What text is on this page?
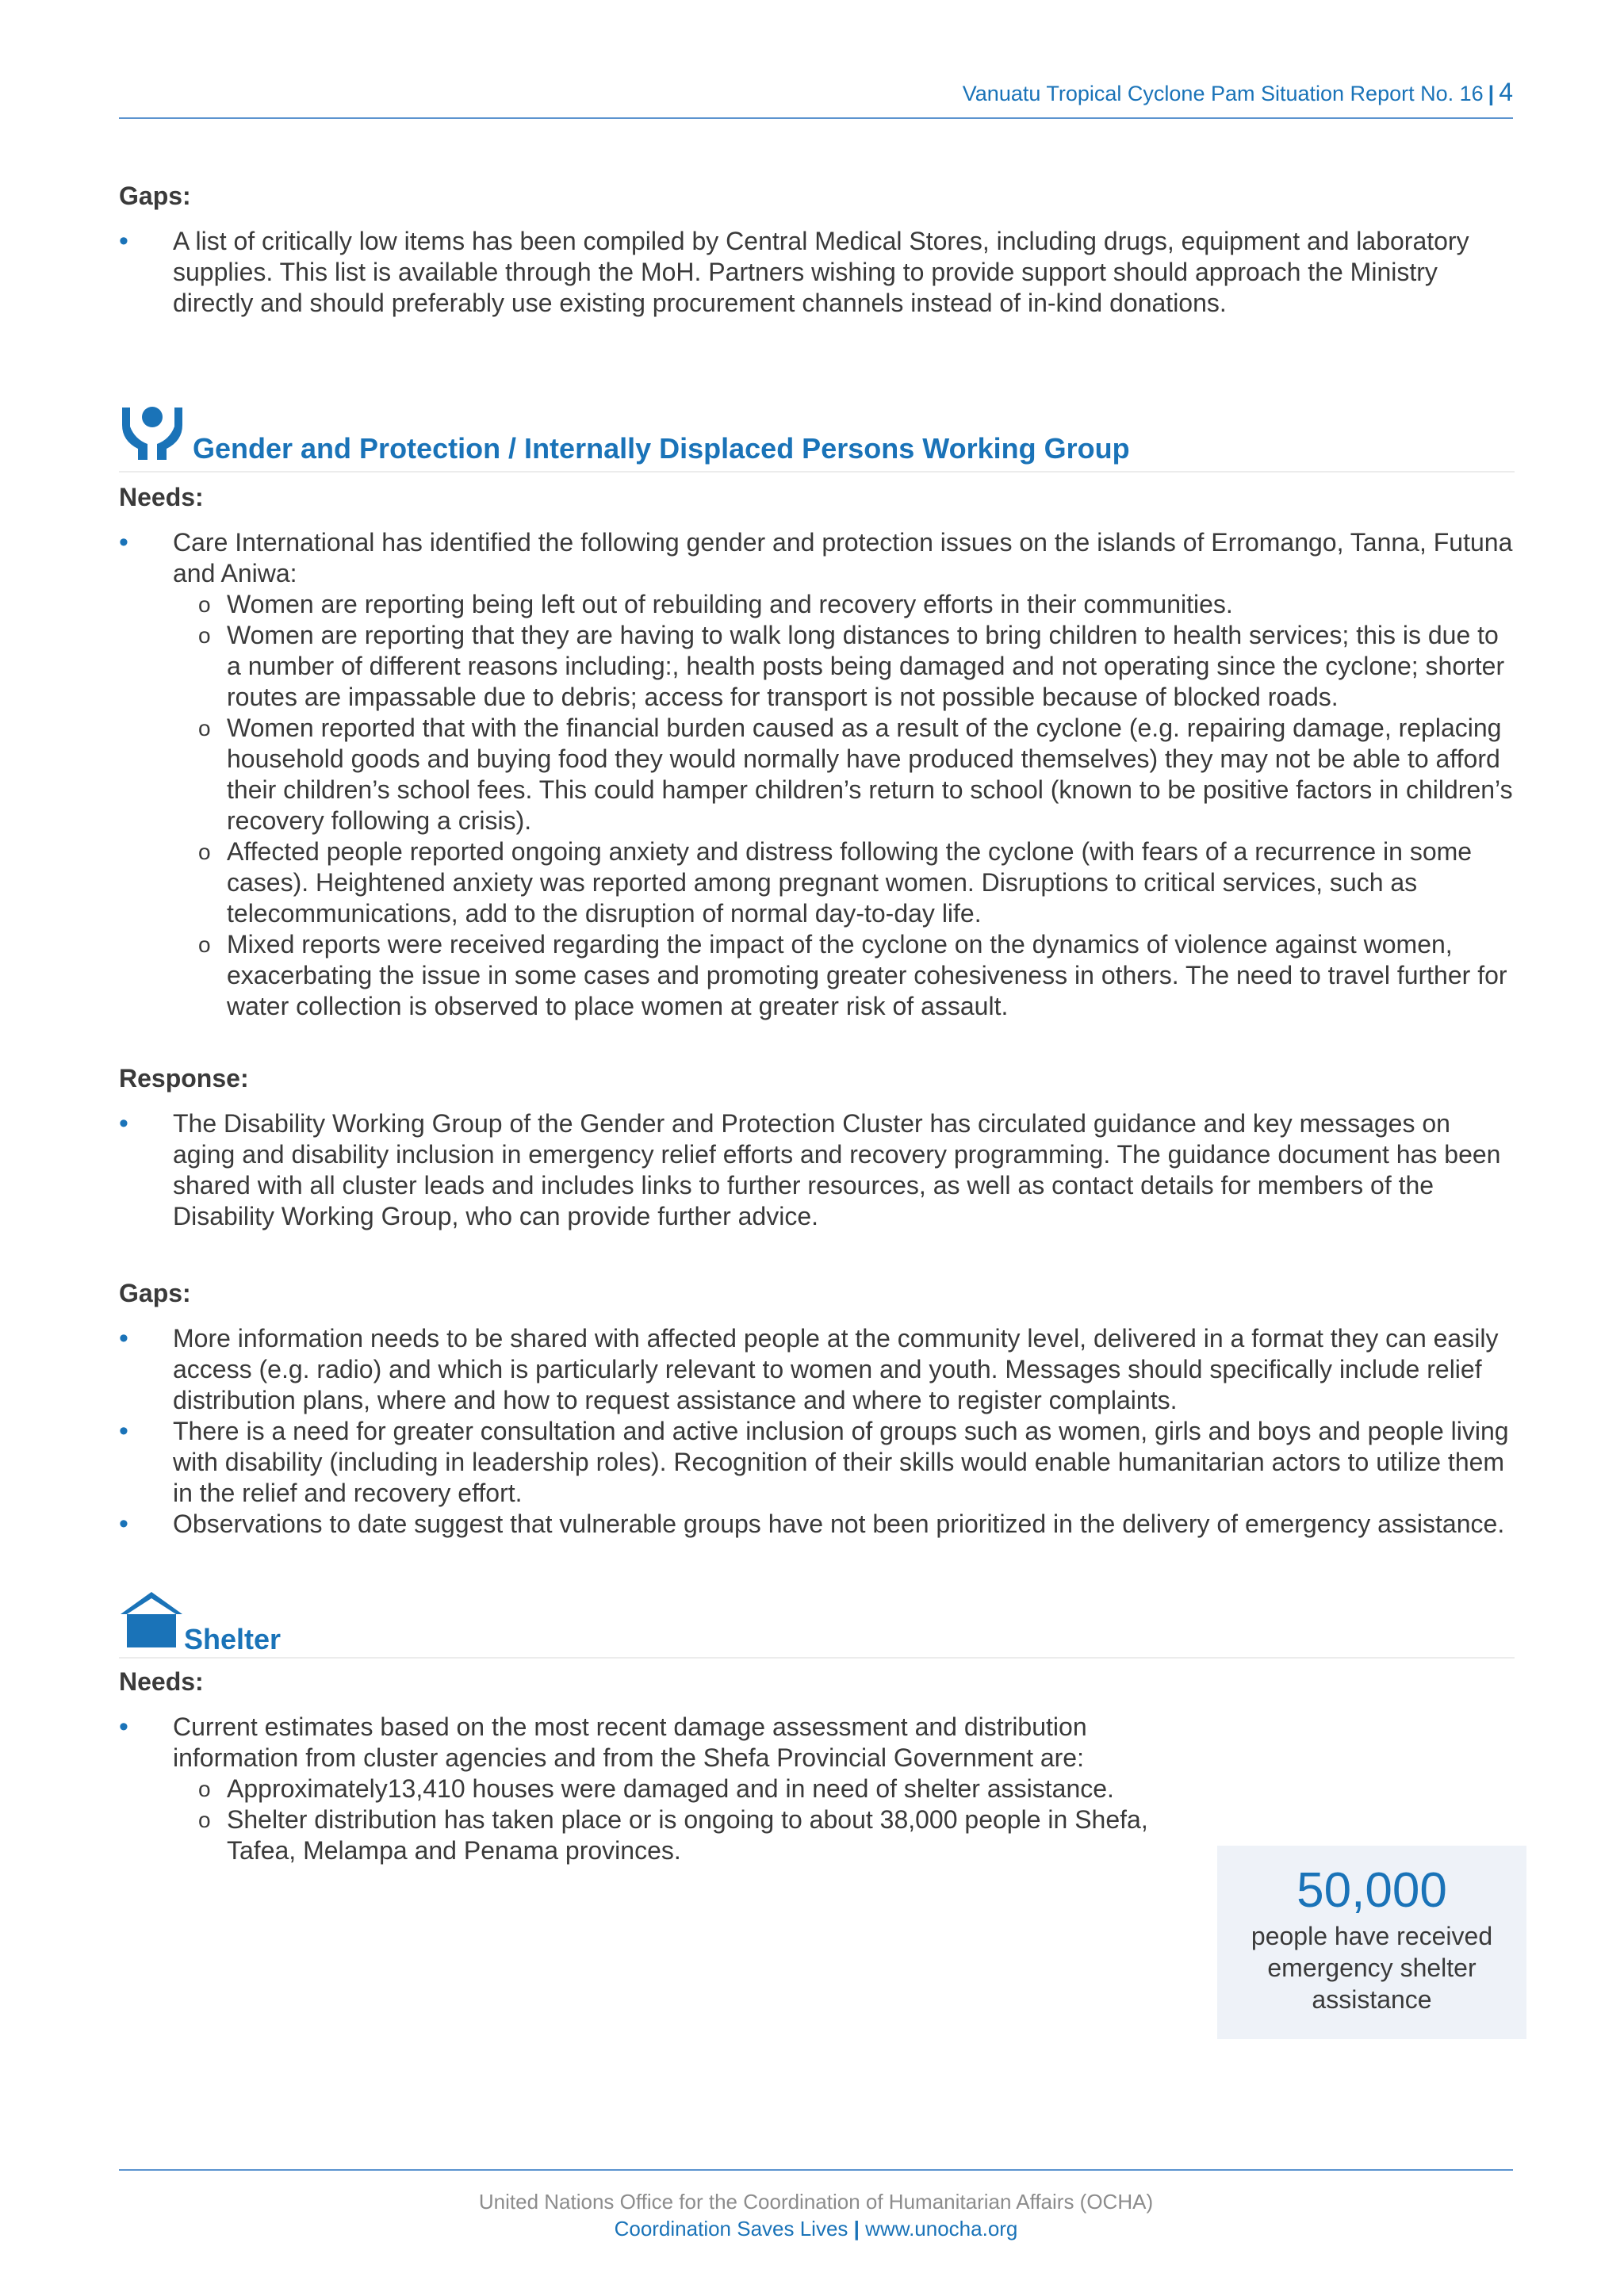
Vanuatu Tropical Cyclone Pam Situation Report No. 16 | 4
Gaps:
• A list of critically low items has been compiled by Central Medical Stores, including drugs, equipment and laboratory supplies. This list is available through the MoH. Partners wishing to provide support should approach the Ministry directly and should preferably use existing procurement channels instead of in-kind donations.
Gender and Protection / Internally Displaced Persons Working Group
Needs:
• Care International has identified the following gender and protection issues on the islands of Erromango, Tanna, Futuna and Aniwa:
o Women are reporting being left out of rebuilding and recovery efforts in their communities.
o Women are reporting that they are having to walk long distances to bring children to health services; this is due to a number of different reasons including:, health posts being damaged and not operating since the cyclone; shorter routes are impassable due to debris; access for transport is not possible because of blocked roads.
o Women reported that with the financial burden caused as a result of the cyclone (e.g. repairing damage, replacing household goods and buying food they would normally have produced themselves) they may not be able to afford their children’s school fees. This could hamper children’s return to school (known to be positive factors in children’s recovery following a crisis).
o Affected people reported ongoing anxiety and distress following the cyclone (with fears of a recurrence in some cases). Heightened anxiety was reported among pregnant women. Disruptions to critical services, such as telecommunications, add to the disruption of normal day-to-day life.
o Mixed reports were received regarding the impact of the cyclone on the dynamics of violence against women, exacerbating the issue in some cases and promoting greater cohesiveness in others. The need to travel further for water collection is observed to place women at greater risk of assault.
Response:
• The Disability Working Group of the Gender and Protection Cluster has circulated guidance and key messages on aging and disability inclusion in emergency relief efforts and recovery programming. The guidance document has been shared with all cluster leads and includes links to further resources, as well as contact details for members of the Disability Working Group, who can provide further advice.
Gaps:
• More information needs to be shared with affected people at the community level, delivered in a format they can easily access (e.g. radio) and which is particularly relevant to women and youth. Messages should specifically include relief distribution plans, where and how to request assistance and where to register complaints.
• There is a need for greater consultation and active inclusion of groups such as women, girls and boys and people living with disability (including in leadership roles). Recognition of their skills would enable humanitarian actors to utilize them in the relief and recovery effort.
• Observations to date suggest that vulnerable groups have not been prioritized in the delivery of emergency assistance.
Shelter
Needs:
• Current estimates based on the most recent damage assessment and distribution information from cluster agencies and from the Shefa Provincial Government are:
o Approximately13,410 houses were damaged and in need of shelter assistance.
o Shelter distribution has taken place or is ongoing to about 38,000 people in Shefa, Tafea, Melampa and Penama provinces.
50,000
people have received emergency shelter assistance
United Nations Office for the Coordination of Humanitarian Affairs (OCHA)
Coordination Saves Lives | www.unocha.org
